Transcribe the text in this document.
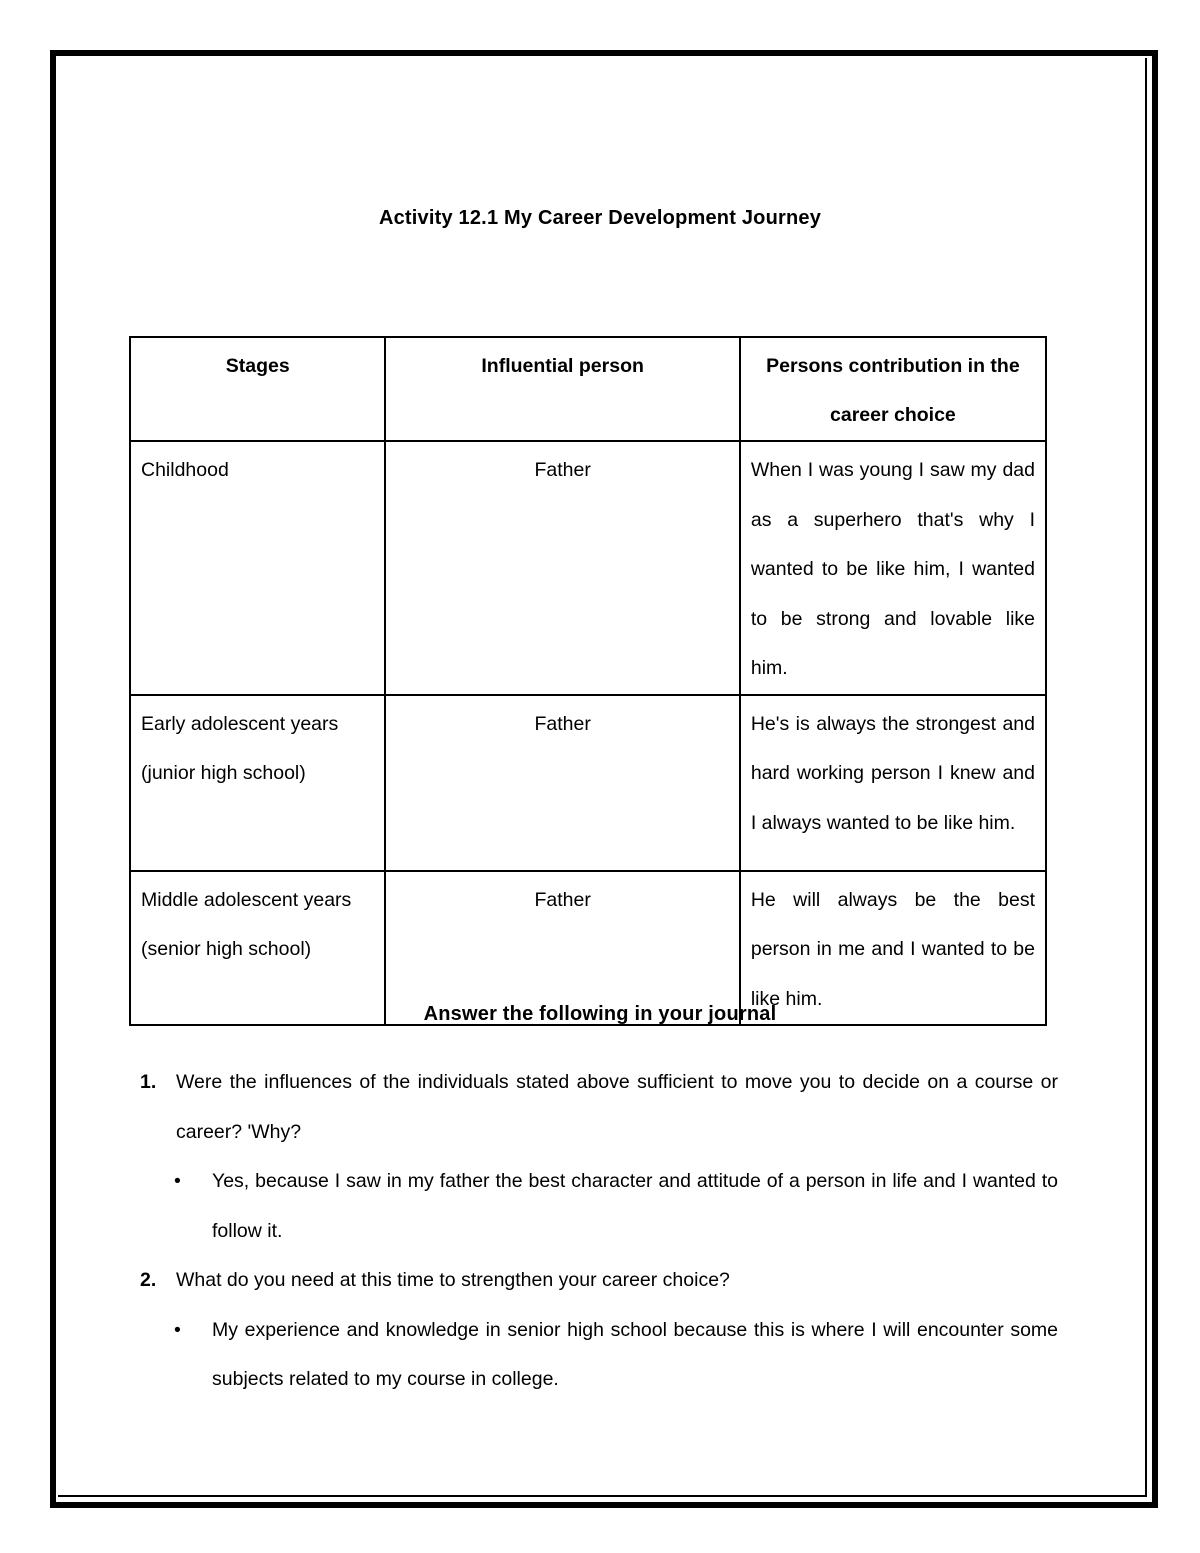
Activity 12.1 My Career Development Journey
Stages	Influential person	Persons contribution in the career choice
Childhood	Father	When I was young I saw my dad as a superhero that's why I wanted to be like him, I wanted to be strong and lovable like him.
Early adolescent years (junior high school)	Father	He's is always the strongest and hard working person I knew and I always wanted to be like him.
Middle adolescent years (senior high school)	Father	He will always be the best person in me and I wanted to be like him.
Answer the following in your journal
1. Were the influences of the individuals stated above sufficient to move you to decide on a course or career? 'Why?
• Yes, because I saw in my father the best character and attitude of a person in life and I wanted to follow it.
2. What do you need at this time to strengthen your career choice?
• My experience and knowledge in senior high school because this is where I will encounter some subjects related to my course in college.
